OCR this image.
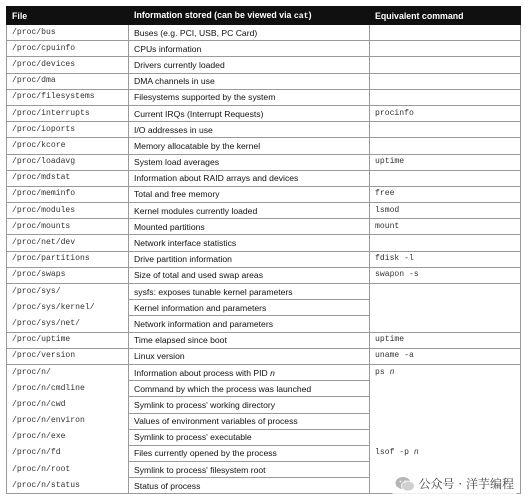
File	Information stored (can be viewed via cat)	Equivalent command
/proc/bus	Buses (e.g. PCI, USB, PC Card)	
/proc/cpuinfo	CPUs information	
/proc/devices	Drivers currently loaded	
/proc/dma	DMA channels in use	
/proc/filesystems	Filesystems supported by the system	
/proc/interrupts	Current IRQs (Interrupt Requests)	procinfo
/proc/ioports	I/O addresses in use	
/proc/kcore	Memory allocatable by the kernel	
/proc/loadavg	System load averages	uptime
/proc/mdstat	Information about RAID arrays and devices	
/proc/meminfo	Total and free memory	free
/proc/modules	Kernel modules currently loaded	lsmod
/proc/mounts	Mounted partitions	mount
/proc/net/dev	Network interface statistics	
/proc/partitions	Drive partition information	fdisk -l
/proc/swaps	Size of total and used swap areas	swapon -s
/proc/sys/	sysfs: exposes tunable kernel parameters	
/proc/sys/kernel/	Kernel information and parameters	
/proc/sys/net/	Network information and parameters	
/proc/uptime	Time elapsed since boot	uptime
/proc/version	Linux version	uname -a
/proc/n/	Information about process with PID n	ps n
/proc/n/cmdline	Command by which the process was launched	
/proc/n/cwd	Symlink to process' working directory	
/proc/n/environ	Values of environment variables of process	
/proc/n/exe	Symlink to process' executable	
/proc/n/fd	Files currently opened by the process	lsof -p n
/proc/n/root	Symlink to process' filesystem root	
/proc/n/status	Status of process		公众号 · 洋芋编程
